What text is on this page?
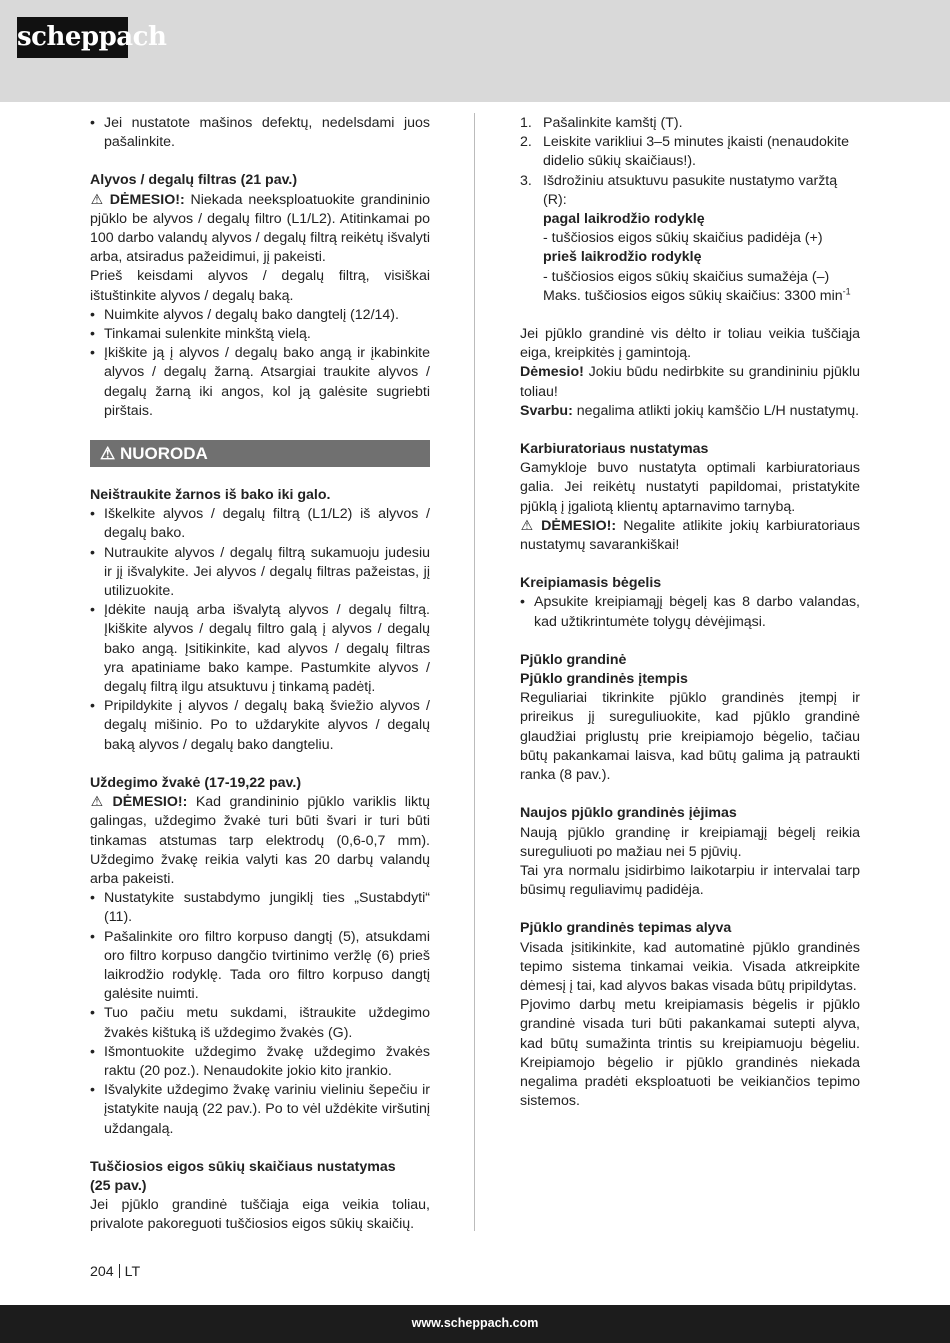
scheppach
• Jei nustatote mašinos defektų, nedelsdami juos pašalinkite.

Alyvos / degalų filtras (21 pav.)

⚠ DĖMESIO!: Niekada neeksploatuokite grandininio pjūklo be alyvos / degalų filtro (L1/L2). Atitinkamai po 100 darbo valandų alyvos / degalų filtrą reikėtų išvalyti arba, atsiradus pažeidimui, jį pakeisti.

Prieš keisdami alyvos / degalų filtrą, visiškai ištuštinkite alyvos / degalų baką.

• Nuimkite alyvos / degalų bako dangtelį (12/14).
• Tinkamai sulenkite minkštą vielą.
• Įkiškite ją į alyvos / degalų bako angą ir įkabinkite alyvos / degalų žarną. Atsargiai traukite alyvos / degalų žarną iki angos, kol ją galėsite sugriebti pirštais.
⚠ NUORODA

Neištraukite žarnos iš bako iki galo.

• Iškelkite alyvos / degalų filtrą (L1/L2) iš alyvos / degalų bako.
• Nutraukite alyvos / degalų filtrą sukamuoju judesiu ir jį išvalykite. Jei alyvos / degalų filtras pažeistas, jį utilizuokite.
• Įdėkite naują arba išvalytą alyvos / degalų filtrą. Įkiškite alyvos / degalų filtro galą į alyvos / degalų bako angą. Įsitikinkite, kad alyvos / degalų filtras yra apatiniame bako kampe. Pastumkite alyvos / degalų filtrą ilgu atsuktuvu į tinkamą padėtį.
• Pripildykite į alyvos / degalų baką šviežio alyvos / degalų mišinio. Po to uždarykite alyvos / degalų baką alyvos / degalų bako dangteliu.

Uždegimo žvakė (17-19,22 pav.)

⚠ DĖMESIO!: Kad grandininio pjūklo variklis liktų galingas, uždegimo žvakė turi būti švari ir turi būti tinkamas atstumas tarp elektrodų (0,6-0,7 mm). Uždegimo žvakę reikia valyti kas 20 darbų valandų arba pakeisti.

• Nustatykite sustabdymo jungiklį ties „Sustabdyti“ (11).
• Pašalinkite oro filtro korpuso dangtį (5), atsukdami oro filtro korpuso dangčio tvirtinimo veržlę (6) prieš laikrodžio rodyklę. Tada oro filtro korpuso dangtį galėsite nuimti.
• Tuo pačiu metu sukdami, ištraukite uždegimo žvakės kištuką iš uždegimo žvakės (G).
• Išmontuokite uždegimo žvakę uždegimo žvakės raktu (20 poz.). Nenaudokite jokio kito įrankio.
• Išvalykite uždegimo žvakę variniu vieliniu šepečiu ir įstatykite naują (22 pav.). Po to vėl uždėkite viršutinį uždangalą.

Tuščiosios eigos sūkių skaičiaus nustatymas

(25 pav.)

Jei pjūklo grandinė tuščiąja eiga veikia toliau, privalote pakoreguoti tuščiosios eigos sūkių skaičių.

1. Pašalinkite kamštį (T).
2. Leiskite varikliui 3–5 minutes įkaisti (nenaudokite didelio sūkių skaičiaus!).
3. Išdrožiniu atsuktuvu pasukite nustatymo varžtą (R):

pagal laikrodžio rodyklę

- tuščiosios eigos sūkių skaičius padidėja (+)

prieš laikrodžio rodyklę

- tuščiosios eigos sūkių skaičius sumažėja (–)

Maks. tuščiosios eigos sūkių skaičius: 3300 $\min^{-1}$

Jei pjūklo grandinė vis dėlto ir toliau veikia tuščiąja eiga, kreipkitės į gamintoją.

Dėmesio! Jokiu būdu nedirbkite su grandininiu pjūklu toliau!

Svarbu: negalima atlikti jokių kamščio L/H nustatymų.

Karbiuratoriaus nustatymas

Gamykloje buvo nustatyta optimali karbiuratoriaus galia. Jei reikėtų nustatyti papildomai, pristatykite pjūklą į įgaliotą klientų aptarnavimo tarnybą.

⚠ DĖMESIO!: Negalite atlikite jokių karbiuratoriaus nustatymų savarankiškai!

Kreipiamasis bėgelis

• Apsukite kreipiamąjį bėgelį kas 8 darbo valandas, kad užtikrintumėte tolygų dėvėjimąsi.

Pjūklo grandinė

Pjūklo grandinės įtempis

Reguliariai tikrinkite pjūklo grandinės įtempį ir prireikus jį sureguliuokite, kad pjūklo grandinė glaudžiai priglustų prie kreipiamojo bėgelio, tačiau būtų pakankamai laisva, kad būtų galima ją patraukti ranka (8 pav.).

Naujos pjūklo grandinės įėjimas

Naują pjūklo grandinę ir kreipiamąjį bėgelį reikia sureguliuoti po mažiau nei 5 pjūvių.

Tai yra normalu įsidirbimo laikotarpiu ir intervalai tarp būsimų reguliavimų padidėja.

Pjūklo grandinės tepimas alyva

Visada įsitikinkite, kad automatinė pjūklo grandinės tepimo sistema tinkamai veikia. Visada atkreipkite dėmesį į tai, kad alyvos bakas visada būtų pripildytas.

Pjovimo darbų metu kreipiamasis bėgelis ir pjūklo grandinė visada turi būti pakankamai sutepti alyva, kad būtų sumažinta trintis su kreipiamuoju bėgeliu. Kreipiamojo bėgelio ir pjūklo grandinės niekada negalima pradėti eksploatuoti be veikiančios tepimo sistemos.

204 LT
www.scheppach.com
